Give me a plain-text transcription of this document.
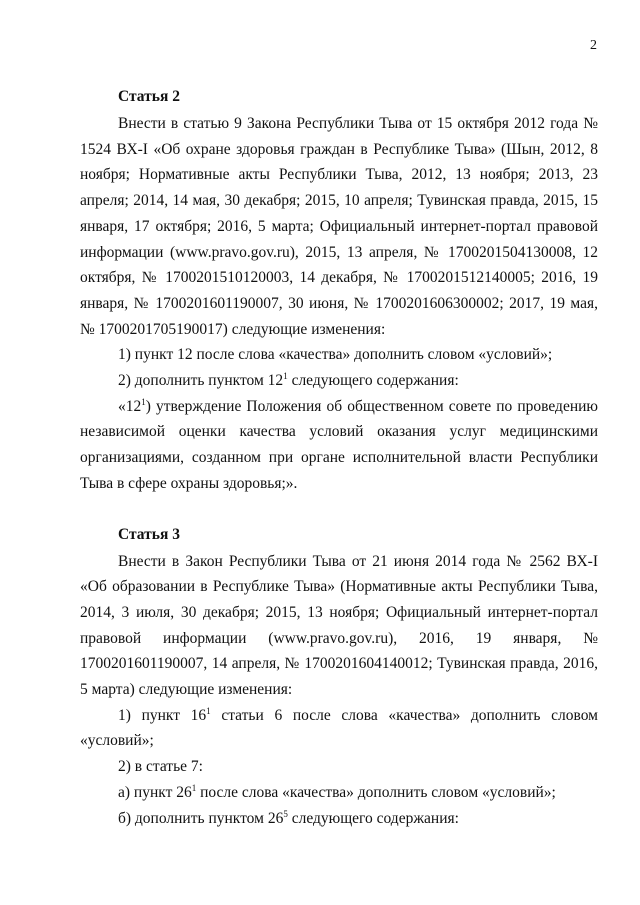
2
Статья 2

Внести в статью 9 Закона Республики Тыва от 15 октября 2012 года № 1524 ВХ-I «Об охране здоровья граждан в Республике Тыва» (Шын, 2012, 8 ноября; Нормативные акты Республики Тыва, 2012, 13 ноября; 2013, 23 апреля; 2014, 14 мая, 30 декабря; 2015, 10 апреля; Тувинская правда, 2015, 15 января, 17 октября; 2016, 5 марта; Официальный интернет-портал правовой информации (www.pravo.gov.ru), 2015, 13 апреля, № 1700201504130008, 12 октября, № 1700201510120003, 14 декабря, № 1700201512140005; 2016, 19 января, № 1700201601190007, 30 июня, № 1700201606300002; 2017, 19 мая, № 1700201705190017) следующие изменения:

1) пункт 12 после слова «качества» дополнить словом «условий»;

2) дополнить пунктом $12^1$ следующего содержания:

«$12^1$) утверждение Положения об общественном совете по проведению независимой оценки качества условий оказания услуг медицинскими организациями, созданном при органе исполнительной власти Республики Тыва в сфере охраны здоровья;».

Статья 3

Внести в Закон Республики Тыва от 21 июня 2014 года № 2562 ВХ-I «Об образовании в Республике Тыва» (Нормативные акты Республики Тыва, 2014, 3 июля, 30 декабря; 2015, 13 ноября; Официальный интернет-портал правовой информации (www.pravo.gov.ru), 2016, 19 января, № 1700201601190007, 14 апреля, № 1700201604140012; Тувинская правда, 2016, 5 марта) следующие изменения:

1) пункт $16^1$ статьи 6 после слова «качества» дополнить словом «условий»;

2) в статье 7:

а) пункт $26^1$ после слова «качества» дополнить словом «условий»;

б) дополнить пунктом $26^5$ следующего содержания:
